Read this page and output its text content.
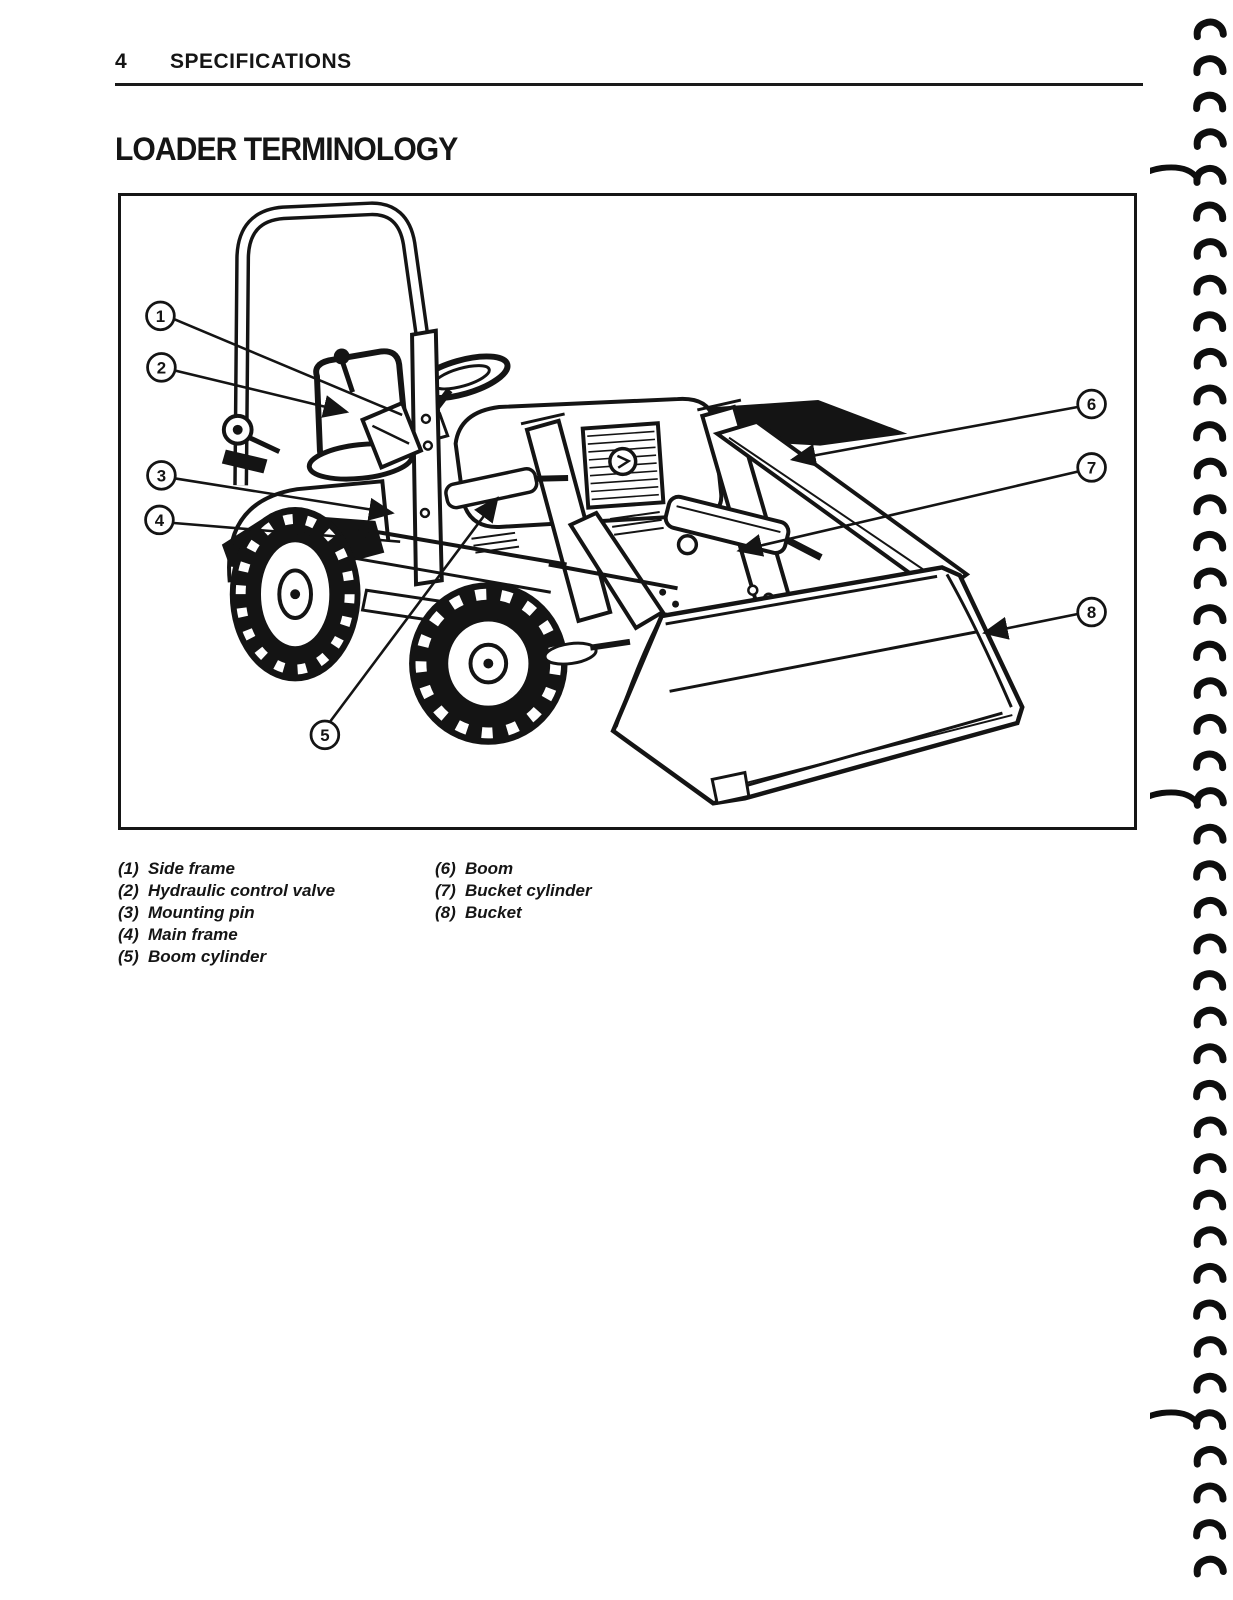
4 SPECIFICATIONS
LOADER TERMINOLOGY
1
2
3
4
5
6
7
8
(1) Side frame
(2) Hydraulic control valve
(3) Mounting pin
(4) Main frame
(5) Boom cylinder
(6) Boom
(7) Bucket cylinder
(8) Bucket
